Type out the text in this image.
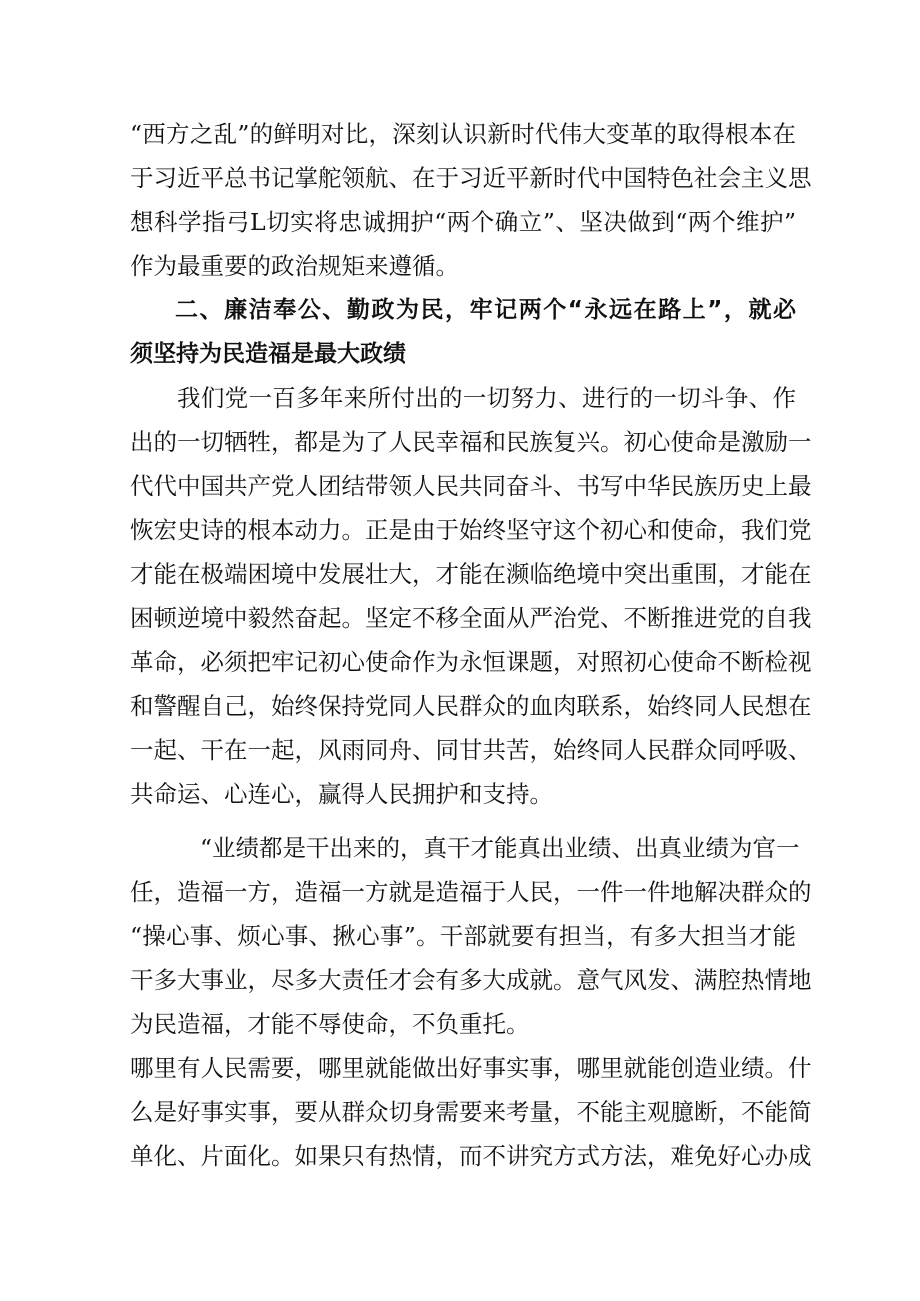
“西方之乱”的鲜明对比，深刻认识新时代伟大变革的取得根本在
于习近平总书记掌舵领航、在于习近平新时代中国特色社会主义思
想科学指弓L切实将忠诚拥护“两个确立”、坚决做到“两个维护”
作为最重要的政治规矩来遵循。
二、廉洁奉公、勤政为民，牢记两个“永远在路上”，就必
须坚持为民造福是最大政绩
我们党一百多年来所付出的一切努力、进行的一切斗争、作
出的一切牺牲，都是为了人民幸福和民族复兴。初心使命是激励一
代代中国共产党人团结带领人民共同奋斗、书写中华民族历史上最
恢宏史诗的根本动力。正是由于始终坚守这个初心和使命，我们党
才能在极端困境中发展壮大，才能在濒临绝境中突出重围，才能在
困顿逆境中毅然奋起。坚定不移全面从严治党、不断推进党的自我
革命，必须把牢记初心使命作为永恒课题，对照初心使命不断检视
和警醒自己，始终保持党同人民群众的血肉联系，始终同人民想在
一起、干在一起，风雨同舟、同甘共苦，始终同人民群众同呼吸、
共命运、心连心，赢得人民拥护和支持。
“业绩都是干出来的，真干才能真出业绩、出真业绩为官一
任，造福一方，造福一方就是造福于人民，一件一件地解决群众的
“操心事、烦心事、揪心事”。干部就要有担当，有多大担当才能
干多大事业，尽多大责任才会有多大成就。意气风发、满腔热情地
为民造福，才能不辱使命，不负重托。
哪里有人民需要，哪里就能做出好事实事，哪里就能创造业绩。什
么是好事实事，要从群众切身需要来考量，不能主观臆断，不能简
单化、片面化。如果只有热情，而不讲究方式方法，难免好心办成
